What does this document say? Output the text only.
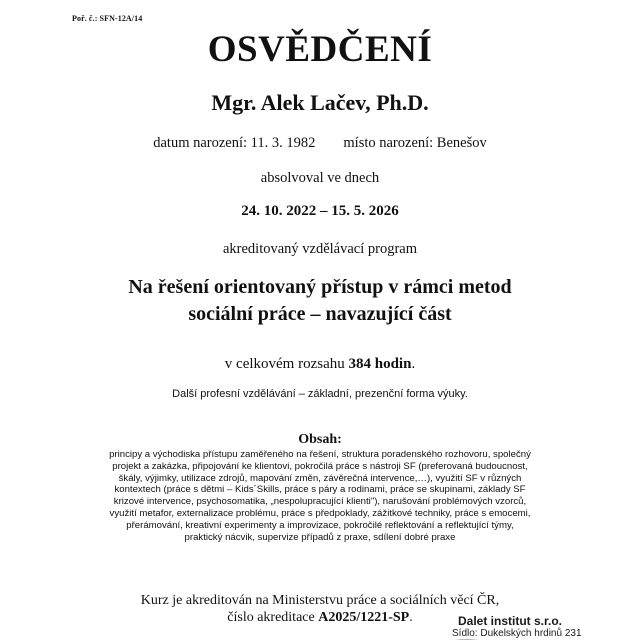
Poř. č.: SFN-12A/14
OSVĚDČENÍ
Mgr. Alek Lačev, Ph.D.
datum narození: 11. 3. 1982 místo narození: Benešov
absolvoval ve dnech
24. 10. 2022 – 15. 5. 2026
akreditovaný vzdělávací program
Na řešení orientovaný přístup v rámci metod
sociální práce – navazující část
v celkovém rozsahu 384 hodin.
Další profesní vzdělávání – základní, prezenční forma výuky.
Obsah:
principy a východiska přístupu zaměřeného na řešení, struktura poradenského rozhovoru, společný
projekt a zakázka, připojování ke klientovi, pokročilá práce s nástroji SF (preferovaná budoucnost,
škály, výjimky, utilizace zdrojů, mapování změn, závěrečná intervence,…), využití SF v různých
kontextech (práce s dětmi – Kids´Skills, práce s páry a rodinami, práce se skupinami, základy SF
krizové intervence, psychosomatika, „nespolupracující klienti"), narušování problémových vzorců,
využití metafor, externalizace problému, práce s předpoklady, zážitkové techniky, práce s emocemi,
přerámování, kreativní experimenty a improvizace, pokročilé reflektování a reflektující týmy,
praktický nácvik, supervize případů z praxe, sdílení dobré praxe
Kurz je akreditován na Ministerstvu práce a sociálních věcí ČR,
číslo akreditace A2025/1221-SP.	Dalet institut s.r.o.
Sídlo: Dukelských hrdinů 231
